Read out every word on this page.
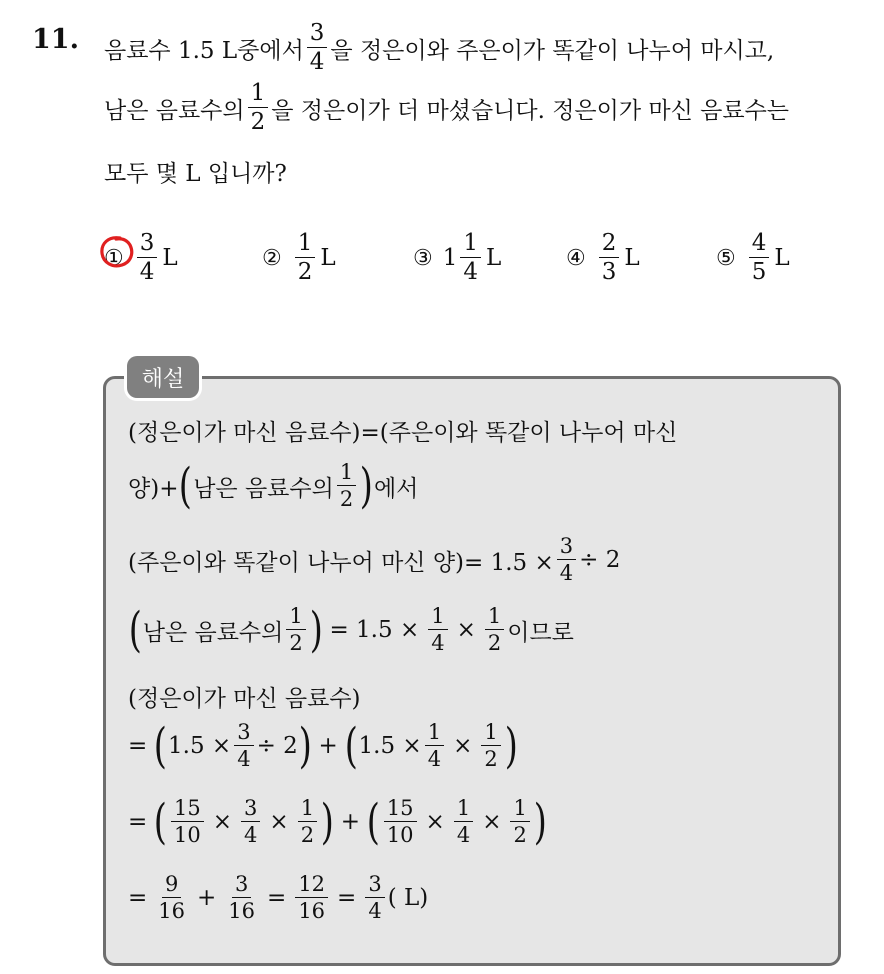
11. 음료수 1.5 L중에서 $\frac{3}{4}$ 을 정은이와 주은이가 똑같이 나누어 마시고,
남은 음료수의 $\frac{1}{2}$ 을 정은이가 더 마셨습니다. 정은이가 마신 음료수는
모두 몇 L 입니까?
① $\frac{3}{4}$ L	② $\frac{1}{2}$ L	③ $1 \frac{1}{4}$ L	④ $\frac{2}{3}$ L	⑤ $\frac{4}{5}$ L
해설
(정은이가 마신 음료수)=(주은이와 똑같이 나누어 마신
양)+ ( 남은 음료수의 $\frac{1}{2}$ ) 에서
(주은이와 똑같이 나누어 마신 양)= $1.5 \times \frac{3}{4} \div 2$
( 남은 음료수의 $\frac{1}{2}$ ) = $1.5 \times \frac{1}{4} \times \frac{1}{2}$ 이므로
(정은이가 마신 음료수)
= ( $1.5 \times \frac{3}{4} \div 2$ ) + ( $1.5 \times \frac{1}{4} \times \frac{1}{2}$ )
= ( $\frac{15}{10} \times \frac{3}{4} \times \frac{1}{2}$ ) + ( $\frac{15}{10} \times \frac{1}{4} \times \frac{1}{2}$ )
= $\frac{9}{16} + \frac{3}{16} = \frac{12}{16} = \frac{3}{4}$ ( L)
